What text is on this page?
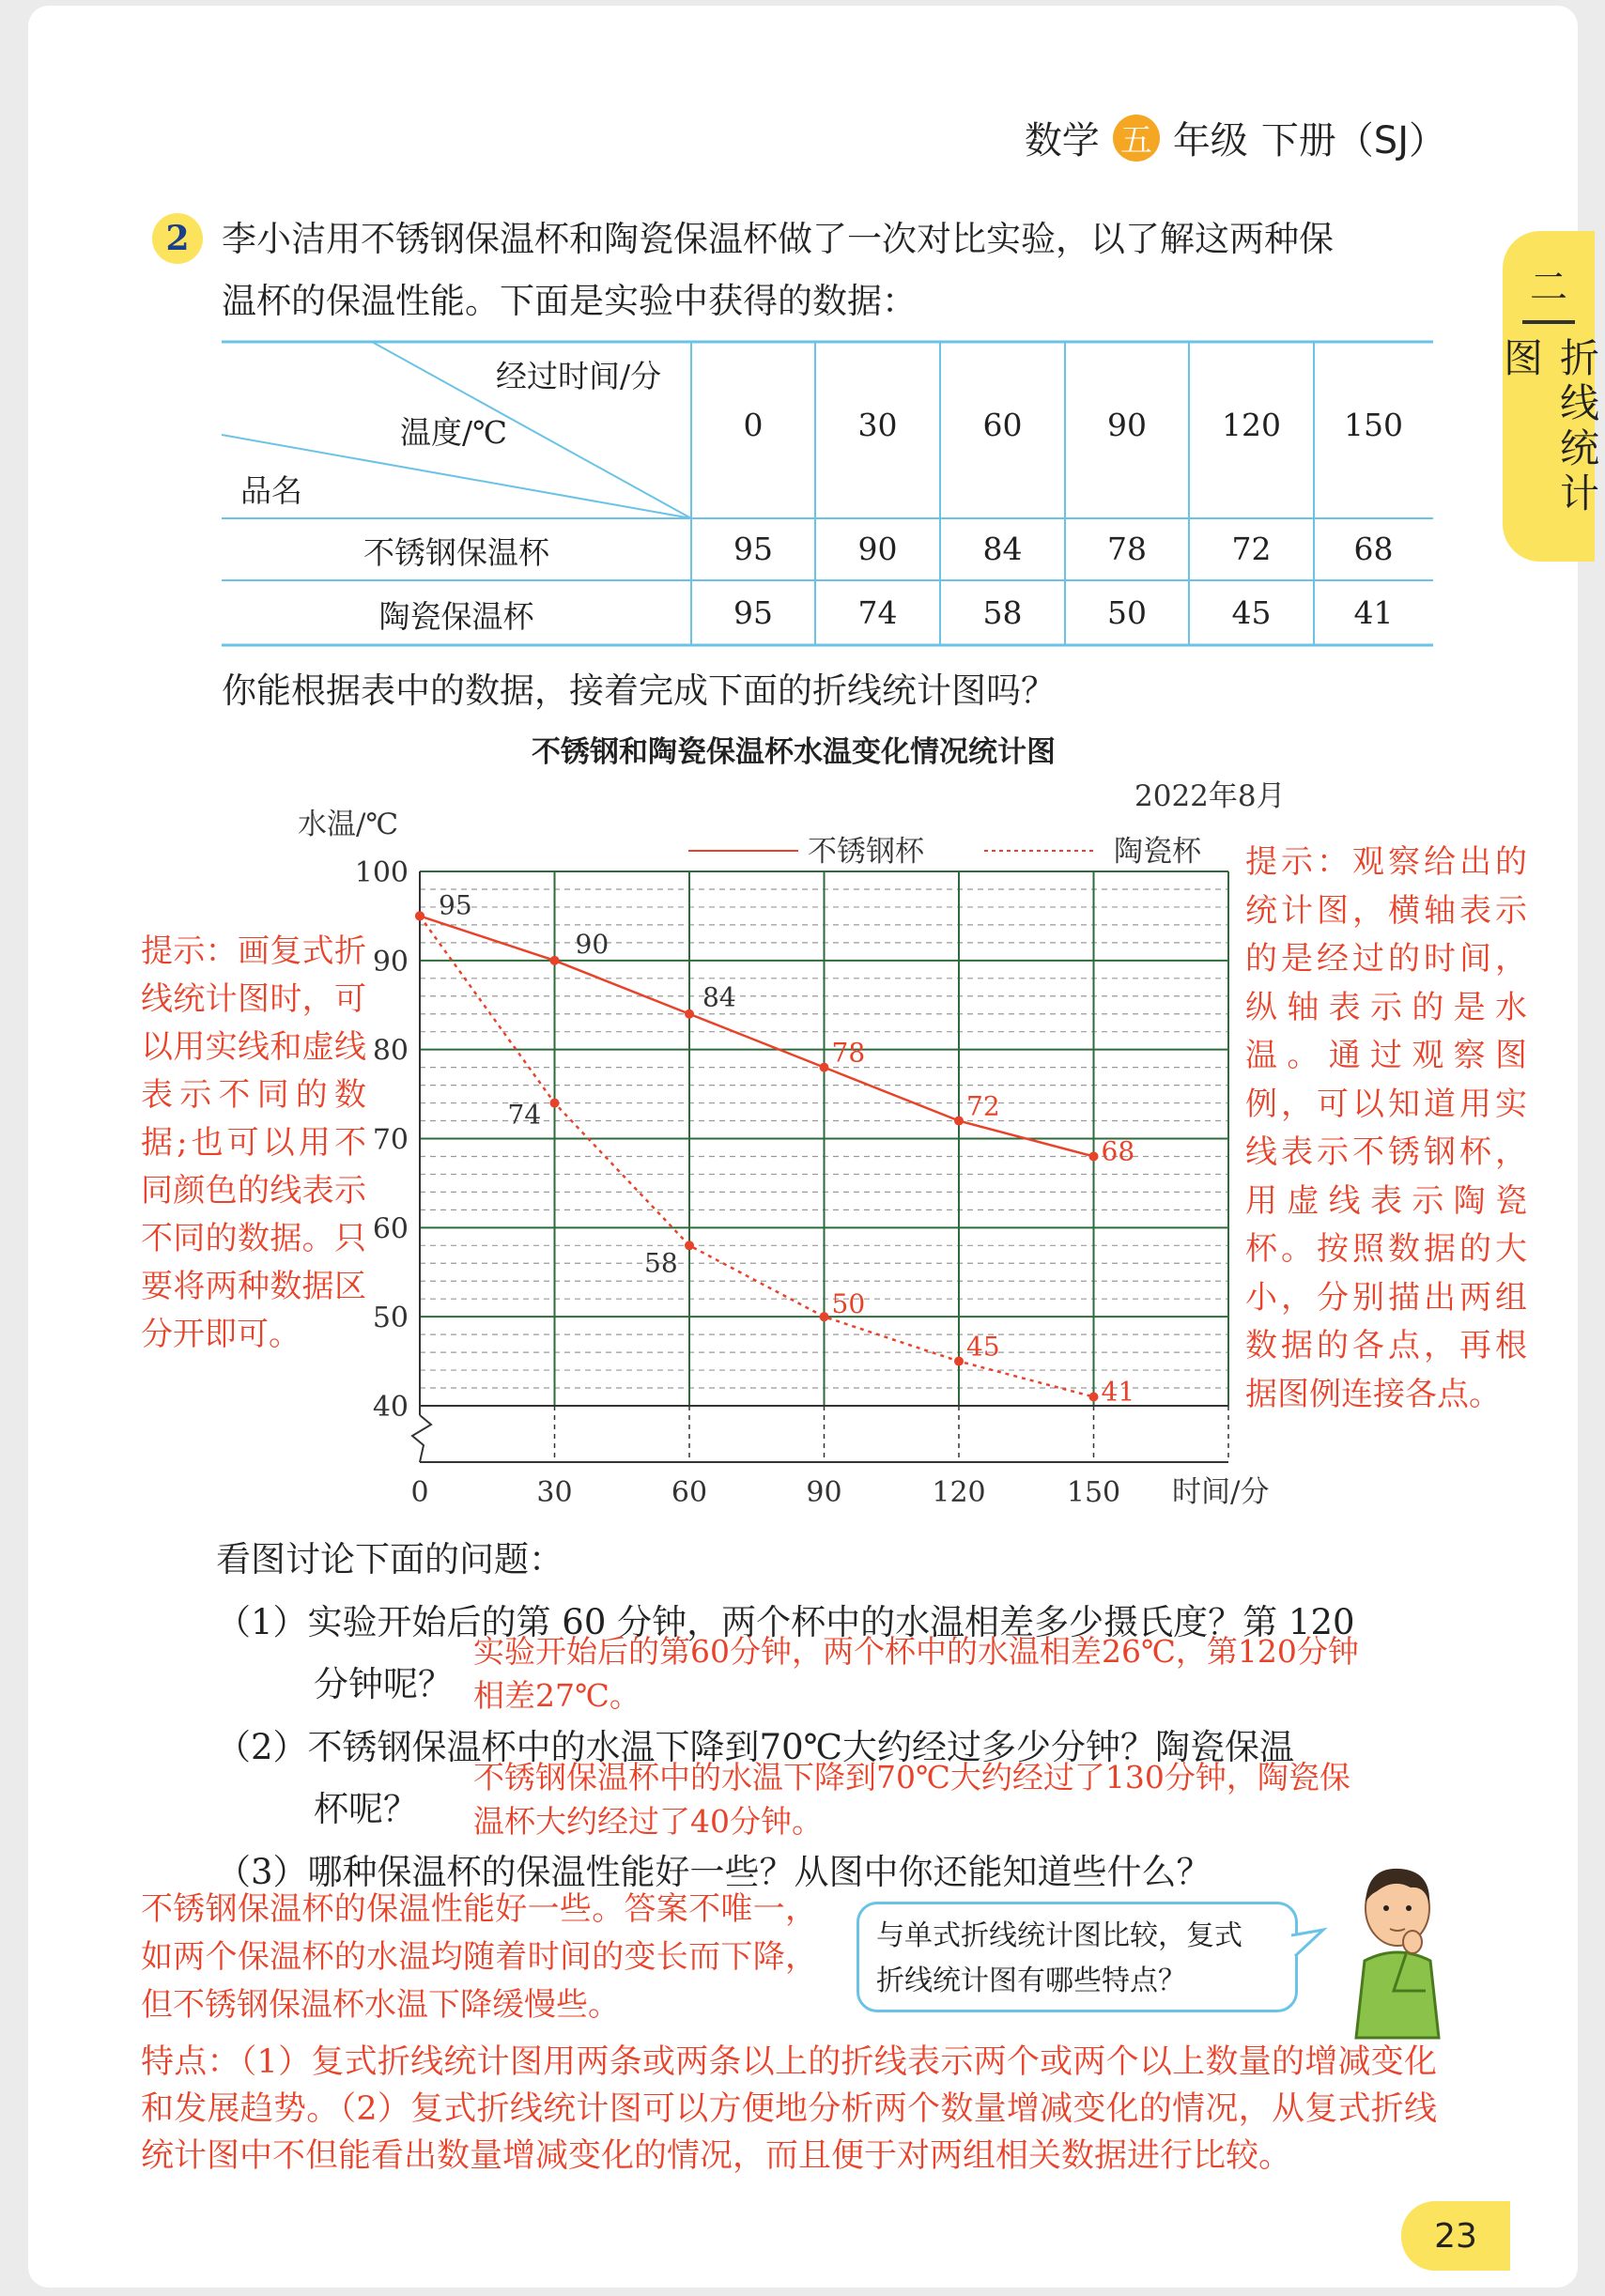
数学 五 年级 下册（SJ）
二
折线统计图
2 李小洁用不锈钢保温杯和陶瓷保温杯做了一次对比实验，以了解这两种保
温杯的保温性能。下面是实验中获得的数据：
经过时间/分
温度/℃
品名
0	30	60	90	120	150
不锈钢保温杯	95	90	84	78	72	68
陶瓷保温杯	95	74	58	50	45	41
你能根据表中的数据，接着完成下面的折线统计图吗？
不锈钢和陶瓷保温杯水温变化情况统计图
100
90
80
70
60
50
40
0	30	60	90	120	150
水温/℃
时间/分
2022年8月
不锈钢杯	陶瓷杯
95
90
84
78
72
68
74
58
50
45
41
提示：画复式折线统计图时，可以用实线和虚线表示不同的数据;也可以用不同颜色的线表示不同的数据。只要将两种数据区分开即可。
提示：观察给出的统计图，横轴表示的是经过的时间，纵轴表示的是水温。通过观察图例，可以知道用实线表示不锈钢杯，用虚线表示陶瓷杯。按照数据的大小，分别描出两组数据的各点，再根据图例连接各点。
看图讨论下面的问题：
（1）实验开始后的第 60 分钟，两个杯中的水温相差多少摄氏度？第 120
分钟呢？
实验开始后的第60分钟，两个杯中的水温相差26℃，第120分钟
相差27℃。
（2）不锈钢保温杯中的水温下降到70℃大约经过多少分钟？陶瓷保温
杯呢？
不锈钢保温杯中的水温下降到70℃大约经过了130分钟，陶瓷保
温杯大约经过了40分钟。
（3）哪种保温杯的保温性能好一些？从图中你还能知道些什么？
不锈钢保温杯的保温性能好一些。答案不唯一，如两个保温杯的水温均随着时间的变长而下降，但不锈钢保温杯水温下降缓慢些。
与单式折线统计图比较，复式
折线统计图有哪些特点？
特点：（1）复式折线统计图用两条或两条以上的折线表示两个或两个以上数量的增减变化和发展趋势。（2）复式折线统计图可以方便地分析两个数量增减变化的情况，从复式折线统计图中不但能看出数量增减变化的情况，而且便于对两组相关数据进行比较。
23
